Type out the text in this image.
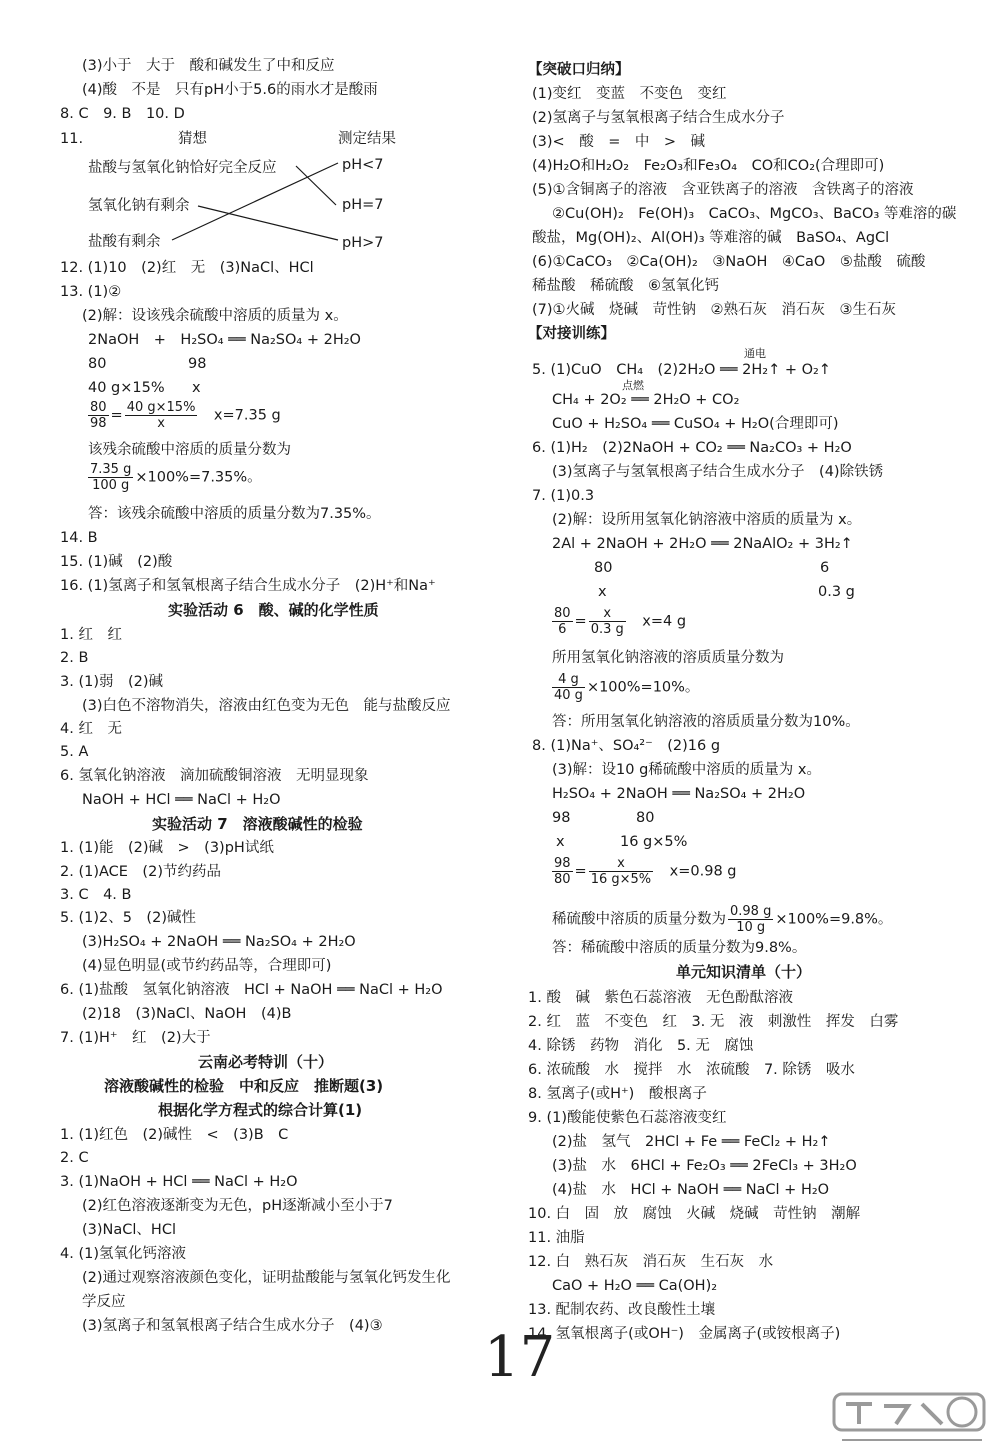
(3)小于　大于　酸和碱发生了中和反应
(4)酸　不是　只有pH小于5.6的雨水才是酸雨
8. C　9. B　10. D
11.	猜想	测定结果
盐酸与氢氧化钠恰好完全反应
氢氧化钠有剩余
盐酸有剩余
pH<7
pH=7
pH>7
12. (1)10　(2)红　无　(3)NaCl、HCl
13. (1)②
(2)解：设该残余硫酸中溶质的质量为 x。
2NaOH　+　H₂SO₄ ══ Na₂SO₄ + 2H₂O
80	98
40 g×15% x
$\frac{80}{98} = \frac{40 g\times 15\%}{x}$
　 x=7.35 g
该残余硫酸中溶质的质量分数为
$\frac{7.35 g}{100 g} \times 100\%=7.35\%$。
答：该残余硫酸中溶质的质量分数为7.35%。
14. B
15. (1)碱　(2)酸
16. (1)氢离子和氢氧根离子结合生成水分子　(2)H⁺和Na⁺
实验活动 6　酸、碱的化学性质
1. 红　红
2. B
3. (1)弱　(2)碱
(3)白色不溶物消失，溶液由红色变为无色　能与盐酸反应
4. 红　无
5. A
6. 氢氧化钠溶液　滴加硫酸铜溶液　无明显现象
NaOH + HCl ══ NaCl + H₂O
实验活动 7　溶液酸碱性的检验
1. (1)能　(2)碱　>　(3)pH试纸
2. (1)ACE　(2)节约药品
3. C　4. B
5. (1)2、5　(2)碱性
(3)H₂SO₄ + 2NaOH ══ Na₂SO₄ + 2H₂O
(4)显色明显(或节约药品等，合理即可)
6. (1)盐酸　氢氧化钠溶液　HCl + NaOH ══ NaCl + H₂O
(2)18　(3)NaCl、NaOH　(4)B
7. (1)H⁺　红　(2)大于
云南必考特训（十）
溶液酸碱性的检验　中和反应　推断题(3)
根据化学方程式的综合计算(1)
1. (1)红色　(2)碱性　<　(3)B　C
2. C
3. (1)NaOH + HCl ══ NaCl + H₂O
(2)红色溶液逐渐变为无色，pH逐渐减小至小于7
(3)NaCl、HCl
4. (1)氢氧化钙溶液
(2)通过观察溶液颜色变化，证明盐酸能与氢氧化钙发生化
学反应
(3)氢离子和氢氧根离子结合生成水分子　(4)③
【突破口归纳】
(1)变红　变蓝　不变色　变红
(2)氢离子与氢氧根离子结合生成水分子
(3)<　酸　=　中　>　碱
(4)H₂O和H₂O₂　Fe₂O₃和Fe₃O₄　CO和CO₂(合理即可)
(5)①含铜离子的溶液　含亚铁离子的溶液　含铁离子的溶液
②Cu(OH)₂　Fe(OH)₃　CaCO₃、MgCO₃、BaCO₃ 等难溶的碳
酸盐，Mg(OH)₂、Al(OH)₃ 等难溶的碱　BaSO₄、AgCl
(6)①CaCO₃　②Ca(OH)₂　③NaOH　④CaO　⑤盐酸　硫酸
稀盐酸　稀硫酸　⑥氢氧化钙
(7)①火碱　烧碱　苛性钠　②熟石灰　消石灰　③生石灰
【对接训练】
通电
5. (1)CuO　CH₄　(2)2H₂O ══ 2H₂↑ + O₂↑
点燃
CH₄ + 2O₂ ══ 2H₂O + CO₂
CuO + H₂SO₄ ══ CuSO₄ + H₂O(合理即可)
6. (1)H₂　(2)2NaOH + CO₂ ══ Na₂CO₃ + H₂O
(3)氢离子与氢氧根离子结合生成水分子　(4)除铁锈
7. (1)0.3
(2)解：设所用氢氧化钠溶液中溶质的质量为 x。
2Al + 2NaOH + 2H₂O ══ 2NaAlO₂ + 3H₂↑
80	6
x	0.3 g
$\frac{80}{6} = \frac{x}{0.3 g}$
　 x=4 g
所用氢氧化钠溶液的溶质质量分数为
$\frac{4 g}{40 g} \times 100\%=10\%$。
答：所用氢氧化钠溶液的溶质质量分数为10%。
8. (1)Na⁺、SO₄²⁻　(2)16 g
(3)解：设10 g稀硫酸中溶质的质量为 x。
H₂SO₄ + 2NaOH ══ Na₂SO₄ + 2H₂O
98	80
x	16 g×5%
$\frac{98}{80} = \frac{x}{16 g\times 5\%}$
　 x=0.98 g
稀硫酸中溶质的质量分数为 $\frac{0.98 g}{10 g} \times 100\%=9.8\%$。
答：稀硫酸中溶质的质量分数为9.8%。
单元知识清单（十）
1. 酸　碱　紫色石蕊溶液　无色酚酞溶液
2. 红　蓝　不变色　红　3. 无　液　刺激性　挥发　白雾
4. 除锈　药物　消化　5. 无　腐蚀
6. 浓硫酸　水　搅拌　水　浓硫酸　7. 除锈　吸水
8. 氢离子(或H⁺)　酸根离子
9. (1)酸能使紫色石蕊溶液变红
(2)盐　氢气　2HCl + Fe ══ FeCl₂ + H₂↑
(3)盐　水　6HCl + Fe₂O₃ ══ 2FeCl₃ + 3H₂O
(4)盐　水　HCl + NaOH ══ NaCl + H₂O
10. 白　固　放　腐蚀　火碱　烧碱　苛性钠　潮解
11. 油脂
12. 白　熟石灰　消石灰　生石灰　水
CaO + H₂O ══ Ca(OH)₂
13. 配制农药、改良酸性土壤
14. 氢氧根离子(或OH⁻)　金属离子(或铵根离子)
17
